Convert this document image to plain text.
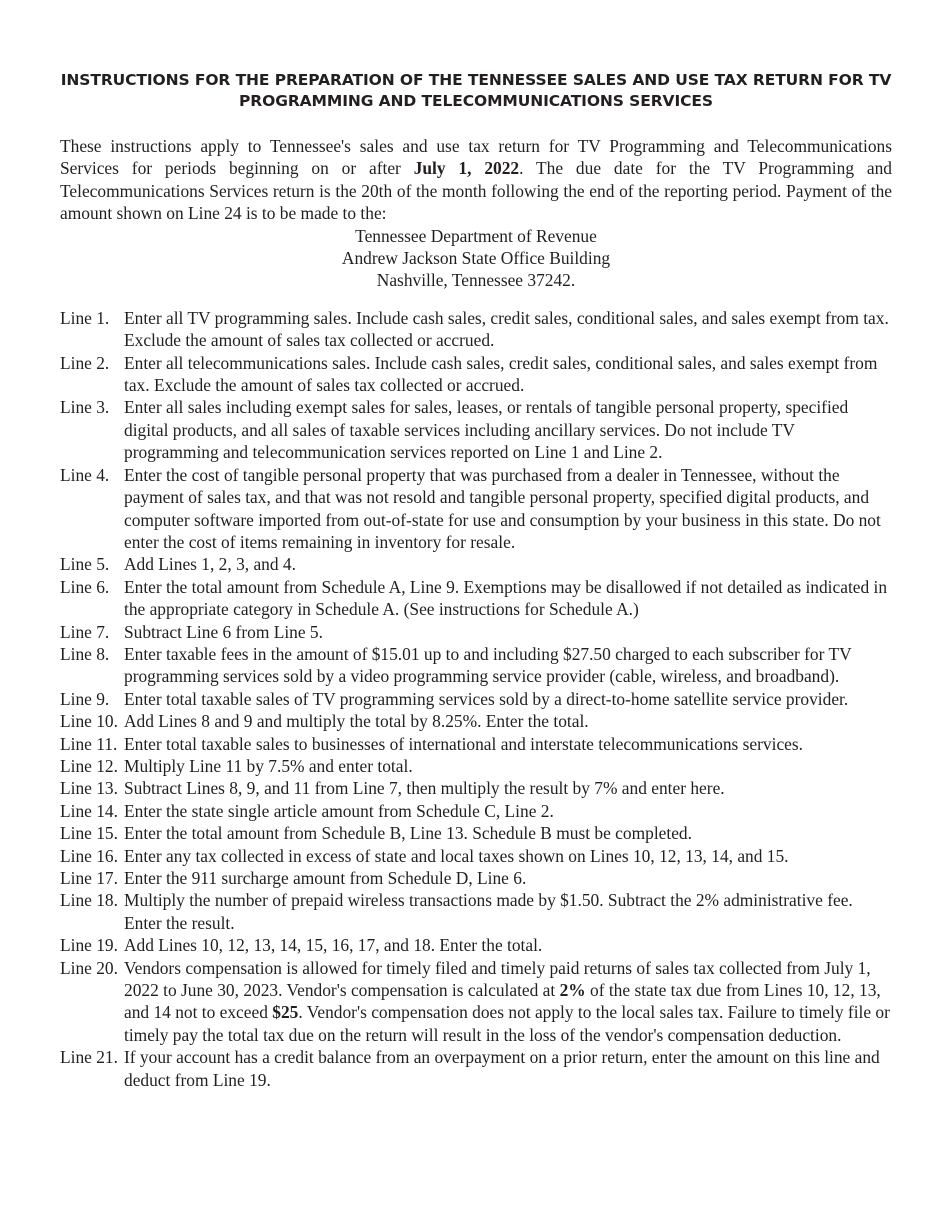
INSTRUCTIONS FOR THE PREPARATION OF THE TENNESSEE SALES AND USE TAX RETURN FOR TV
PROGRAMMING AND TELECOMMUNICATIONS SERVICES

These instructions apply to Tennessee's sales and use tax return for TV Programming and Telecommunications Services for periods beginning on or after July 1, 2022. The due date for the TV Programming and Telecommunications Services return is the 20th of the month following the end of the reporting period. Payment of the amount shown on Line 24 is to be made to the:

Tennessee Department of Revenue
Andrew Jackson State Office Building
Nashville, Tennessee 37242.

Line 1. Enter all TV programming sales. Include cash sales, credit sales, conditional sales, and sales exempt from tax. Exclude the amount of sales tax collected or accrued.
Line 2. Enter all telecommunications sales. Include cash sales, credit sales, conditional sales, and sales exempt from tax. Exclude the amount of sales tax collected or accrued.
Line 3. Enter all sales including exempt sales for sales, leases, or rentals of tangible personal property, specified digital products, and all sales of taxable services including ancillary services. Do not include TV programming and telecommunication services reported on Line 1 and Line 2.
Line 4. Enter the cost of tangible personal property that was purchased from a dealer in Tennessee, without the payment of sales tax, and that was not resold and tangible personal property, specified digital products, and computer software imported from out-of-state for use and consumption by your business in this state. Do not enter the cost of items remaining in inventory for resale.
Line 5. Add Lines 1, 2, 3, and 4.
Line 6. Enter the total amount from Schedule A, Line 9. Exemptions may be disallowed if not detailed as indicated in the appropriate category in Schedule A. (See instructions for Schedule A.)
Line 7. Subtract Line 6 from Line 5.
Line 8. Enter taxable fees in the amount of $15.01 up to and including $27.50 charged to each subscriber for TV programming services sold by a video programming service provider (cable, wireless, and broadband).
Line 9. Enter total taxable sales of TV programming services sold by a direct-to-home satellite service provider.
Line 10. Add Lines 8 and 9 and multiply the total by 8.25%. Enter the total.
Line 11. Enter total taxable sales to businesses of international and interstate telecommunications services.
Line 12. Multiply Line 11 by 7.5% and enter total.
Line 13. Subtract Lines 8, 9, and 11 from Line 7, then multiply the result by 7% and enter here.
Line 14. Enter the state single article amount from Schedule C, Line 2.
Line 15. Enter the total amount from Schedule B, Line 13. Schedule B must be completed.
Line 16. Enter any tax collected in excess of state and local taxes shown on Lines 10, 12, 13, 14, and 15.
Line 17. Enter the 911 surcharge amount from Schedule D, Line 6.
Line 18. Multiply the number of prepaid wireless transactions made by $1.50. Subtract the 2% administrative fee. Enter the result.
Line 19. Add Lines 10, 12, 13, 14, 15, 16, 17, and 18. Enter the total.
Line 20. Vendors compensation is allowed for timely filed and timely paid returns of sales tax collected from July 1, 2022 to June 30, 2023. Vendor's compensation is calculated at 2% of the state tax due from Lines 10, 12, 13, and 14 not to exceed $25. Vendor's compensation does not apply to the local sales tax. Failure to timely file or timely pay the total tax due on the return will result in the loss of the vendor's compensation deduction.
Line 21. If your account has a credit balance from an overpayment on a prior return, enter the amount on this line and deduct from Line 19.
